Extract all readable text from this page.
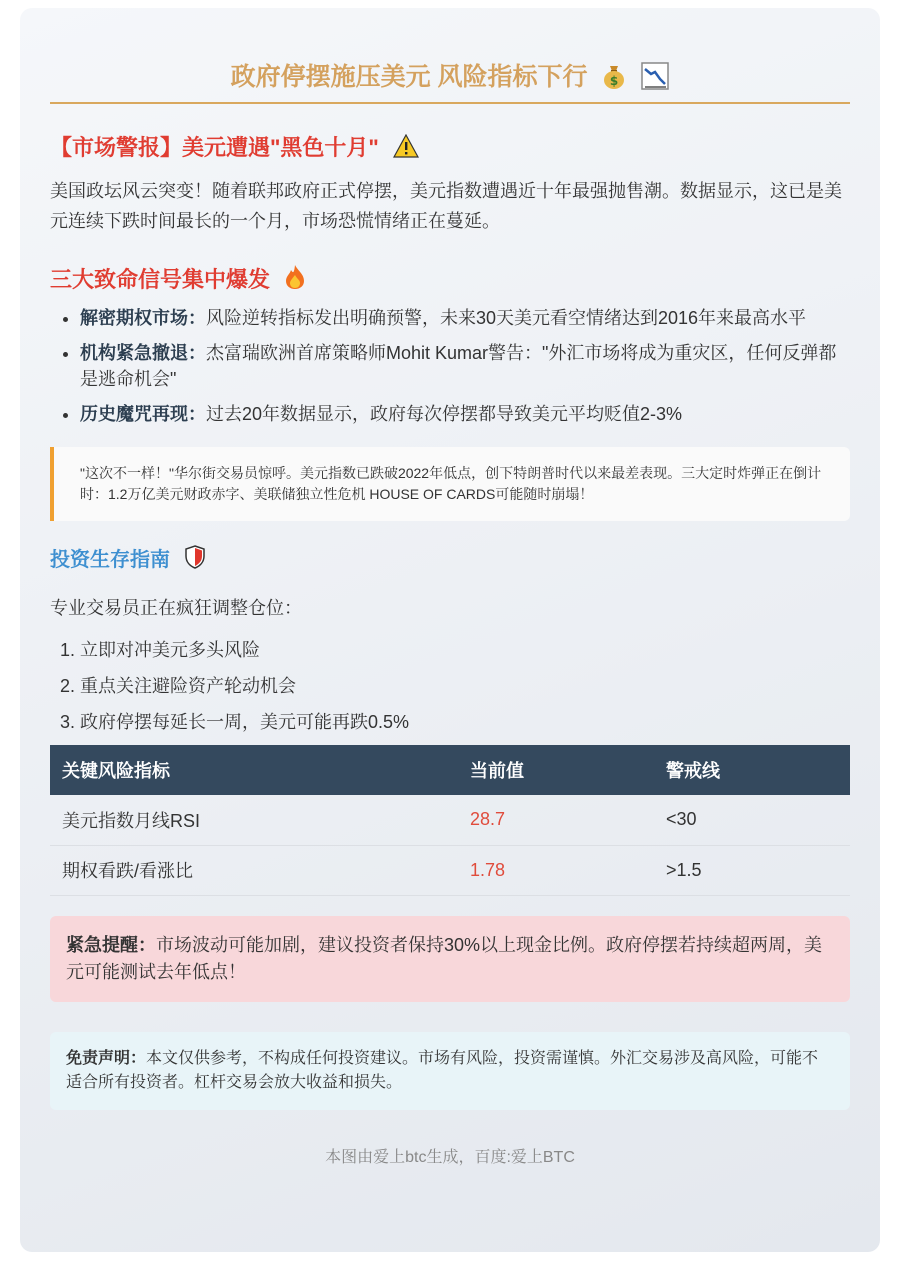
政府停摆施压美元 风险指标下行 $

【市场警报】美元遭遇"黑色十月"

美国政坛风云突变！随着联邦政府正式停摆，美元指数遭遇近十年最强抛售潮。数据显示，这已是美元连续下跌时间最长的一个月，市场恐慌情绪正在蔓延。

三大致命信号集中爆发
• 解密期权市场：风险逆转指标发出明确预警，未来30天美元看空情绪达到2016年来最高水平
• 机构紧急撤退：杰富瑞欧洲首席策略师Mohit Kumar警告："外汇市场将成为重灾区，任何反弹都是逃命机会"
• 历史魔咒再现：过去20年数据显示，政府每次停摆都导致美元平均贬值2-3%
"这次不一样！"华尔街交易员惊呼。美元指数已跌破2022年低点，创下特朗普时代以来最差表现。三大定时炸弹正在倒计时：1.2万亿美元财政赤字、美联储独立性危机 HOUSE OF CARDS可能随时崩塌！
投资生存指南

专业交易员正在疯狂调整仓位：

1. 立即对冲美元多头风险
2. 重点关注避险资产轮动机会
3. 政府停摆每延长一周，美元可能再跌0.5%
关键风险指标	当前值	警戒线
美元指数月线RSI	28.7	<30
期权看跌/看涨比	1.78	>1.5
紧急提醒：市场波动可能加剧，建议投资者保持30%以上现金比例。政府停摆若持续超两周，美元可能测试去年低点！
免责声明：本文仅供参考，不构成任何投资建议。市场有风险，投资需谨慎。外汇交易涉及高风险，可能不适合所有投资者。杠杆交易会放大收益和损失。
本图由爱上btc生成，百度:爱上BTC
